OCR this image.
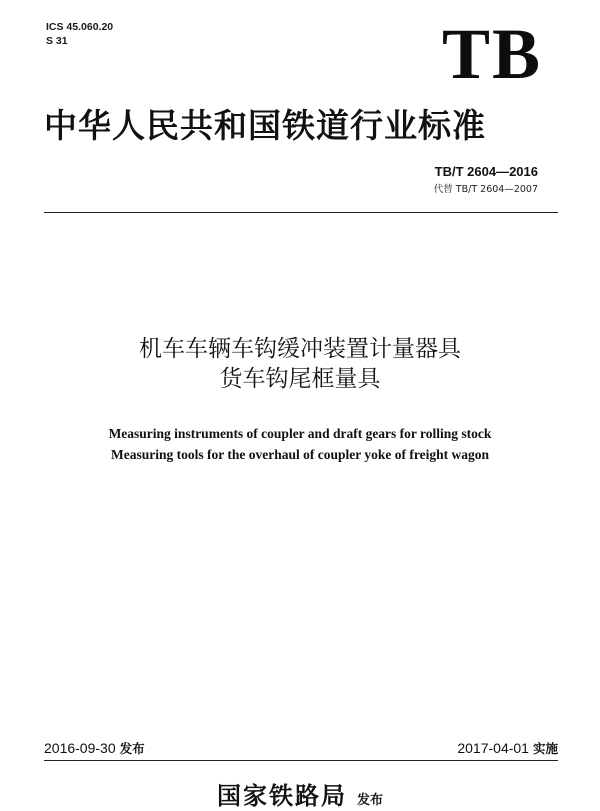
ICS 45.060.20
S 31	TB
中华人民共和国铁道行业标准
TB/T 2604—2016
代替 TB/T 2604—2007
机车车辆车钩缓冲装置计量器具
货车钩尾框量具
Measuring instruments of coupler and draft gears for rolling stock
Measuring tools for the overhaul of coupler yoke of freight wagon
2016-09-30 发布	2017-04-01 实施
国家铁路局 发布
